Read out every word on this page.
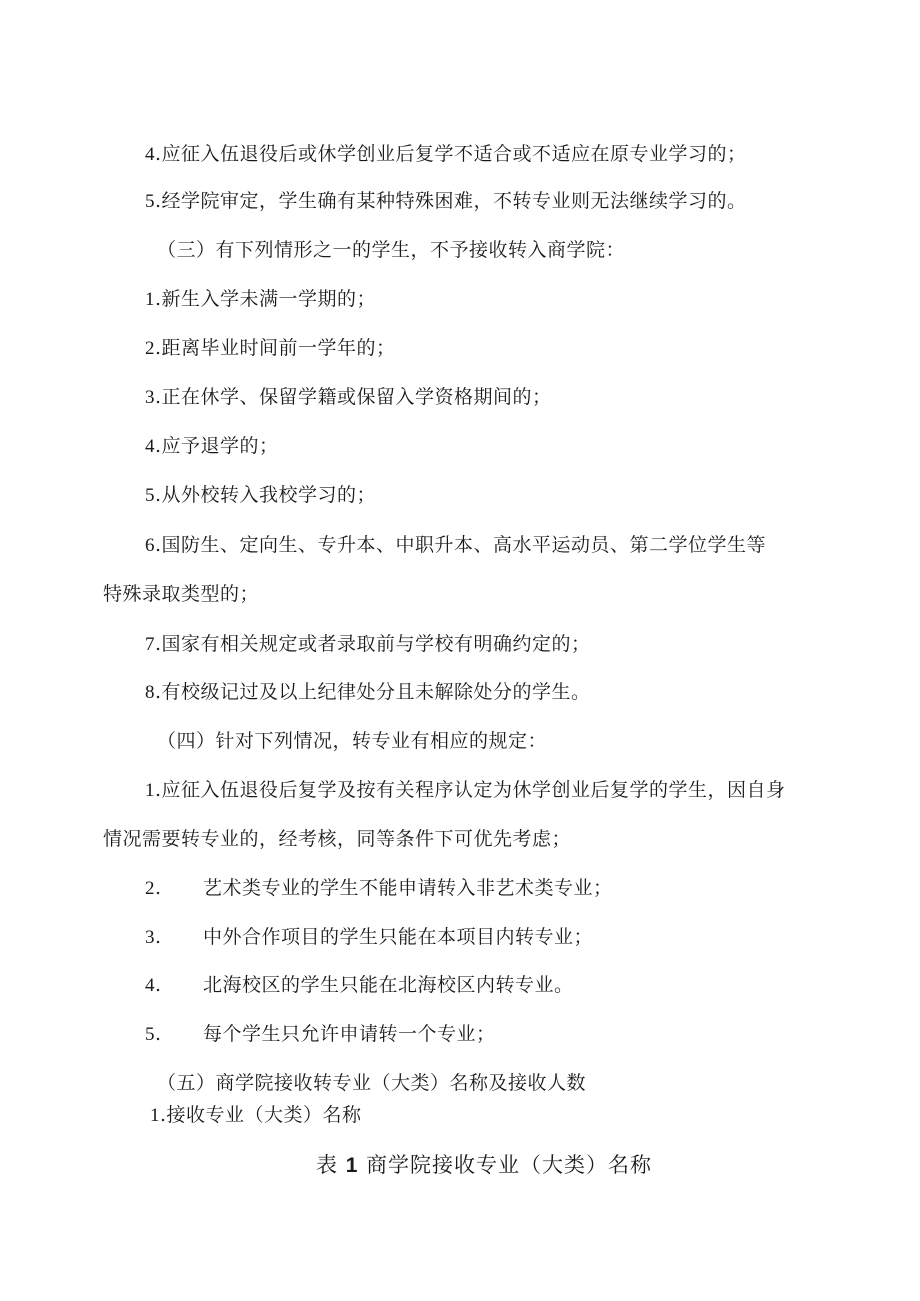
4.应征入伍退役后或休学创业后复学不适合或不适应在原专业学习的；
5.经学院审定，学生确有某种特殊困难，不转专业则无法继续学习的。
（三）有下列情形之一的学生，不予接收转入商学院：
1.新生入学未满一学期的；
2.距离毕业时间前一学年的；
3.正在休学、保留学籍或保留入学资格期间的；
4.应予退学的；
5.从外校转入我校学习的；
6.国防生、定向生、专升本、中职升本、高水平运动员、第二学位学生等
特殊录取类型的；
7.国家有相关规定或者录取前与学校有明确约定的；
8.有校级记过及以上纪律处分且未解除处分的学生。
（四）针对下列情况，转专业有相应的规定：
1.应征入伍退役后复学及按有关程序认定为休学创业后复学的学生，因自身
情况需要转专业的，经考核，同等条件下可优先考虑；
2. 艺术类专业的学生不能申请转入非艺术类专业；
3. 中外合作项目的学生只能在本项目内转专业；
4. 北海校区的学生只能在北海校区内转专业。
5. 每个学生只允许申请转一个专业；
（五）商学院接收转专业（大类）名称及接收人数
1.接收专业（大类）名称
表 1 商学院接收专业（大类）名称
